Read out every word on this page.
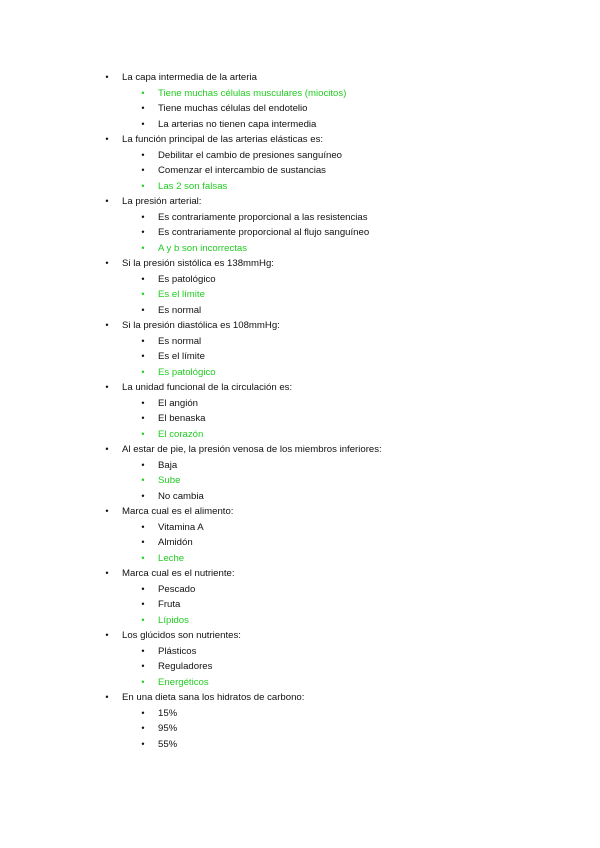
• La capa intermedia de la arteria
• Tiene muchas células musculares (miocitos)
• Tiene muchas células del endotelio
• La arterias no tienen capa intermedia
• La función principal de las arterias elásticas es:
• Debilitar el cambio de presiones sanguíneo
• Comenzar el intercambio de sustancias
• Las 2 son falsas
• La presión arterial:
• Es contrariamente proporcional a las resistencias
• Es contrariamente proporcional al flujo sanguíneo
• A y b son incorrectas
• Si la presión sistólica es 138mmHg:
• Es patológico
• Es el límite
• Es normal
• Si la presión diastólica es 108mmHg:
• Es normal
• Es el límite
• Es patológico
• La unidad funcional de la circulación es:
• El angión
• El benaska
• El corazón
• Al estar de pie, la presión venosa de los miembros inferiores:
• Baja
• Sube
• No cambia
• Marca cual es el alimento:
• Vitamina A
• Almidón
• Leche
• Marca cual es el nutriente:
• Pescado
• Fruta
• Lípidos
• Los glúcidos son nutrientes:
• Plásticos
• Reguladores
• Energéticos
• En una dieta sana los hidratos de carbono:
• 15%
• 95%
• 55%
